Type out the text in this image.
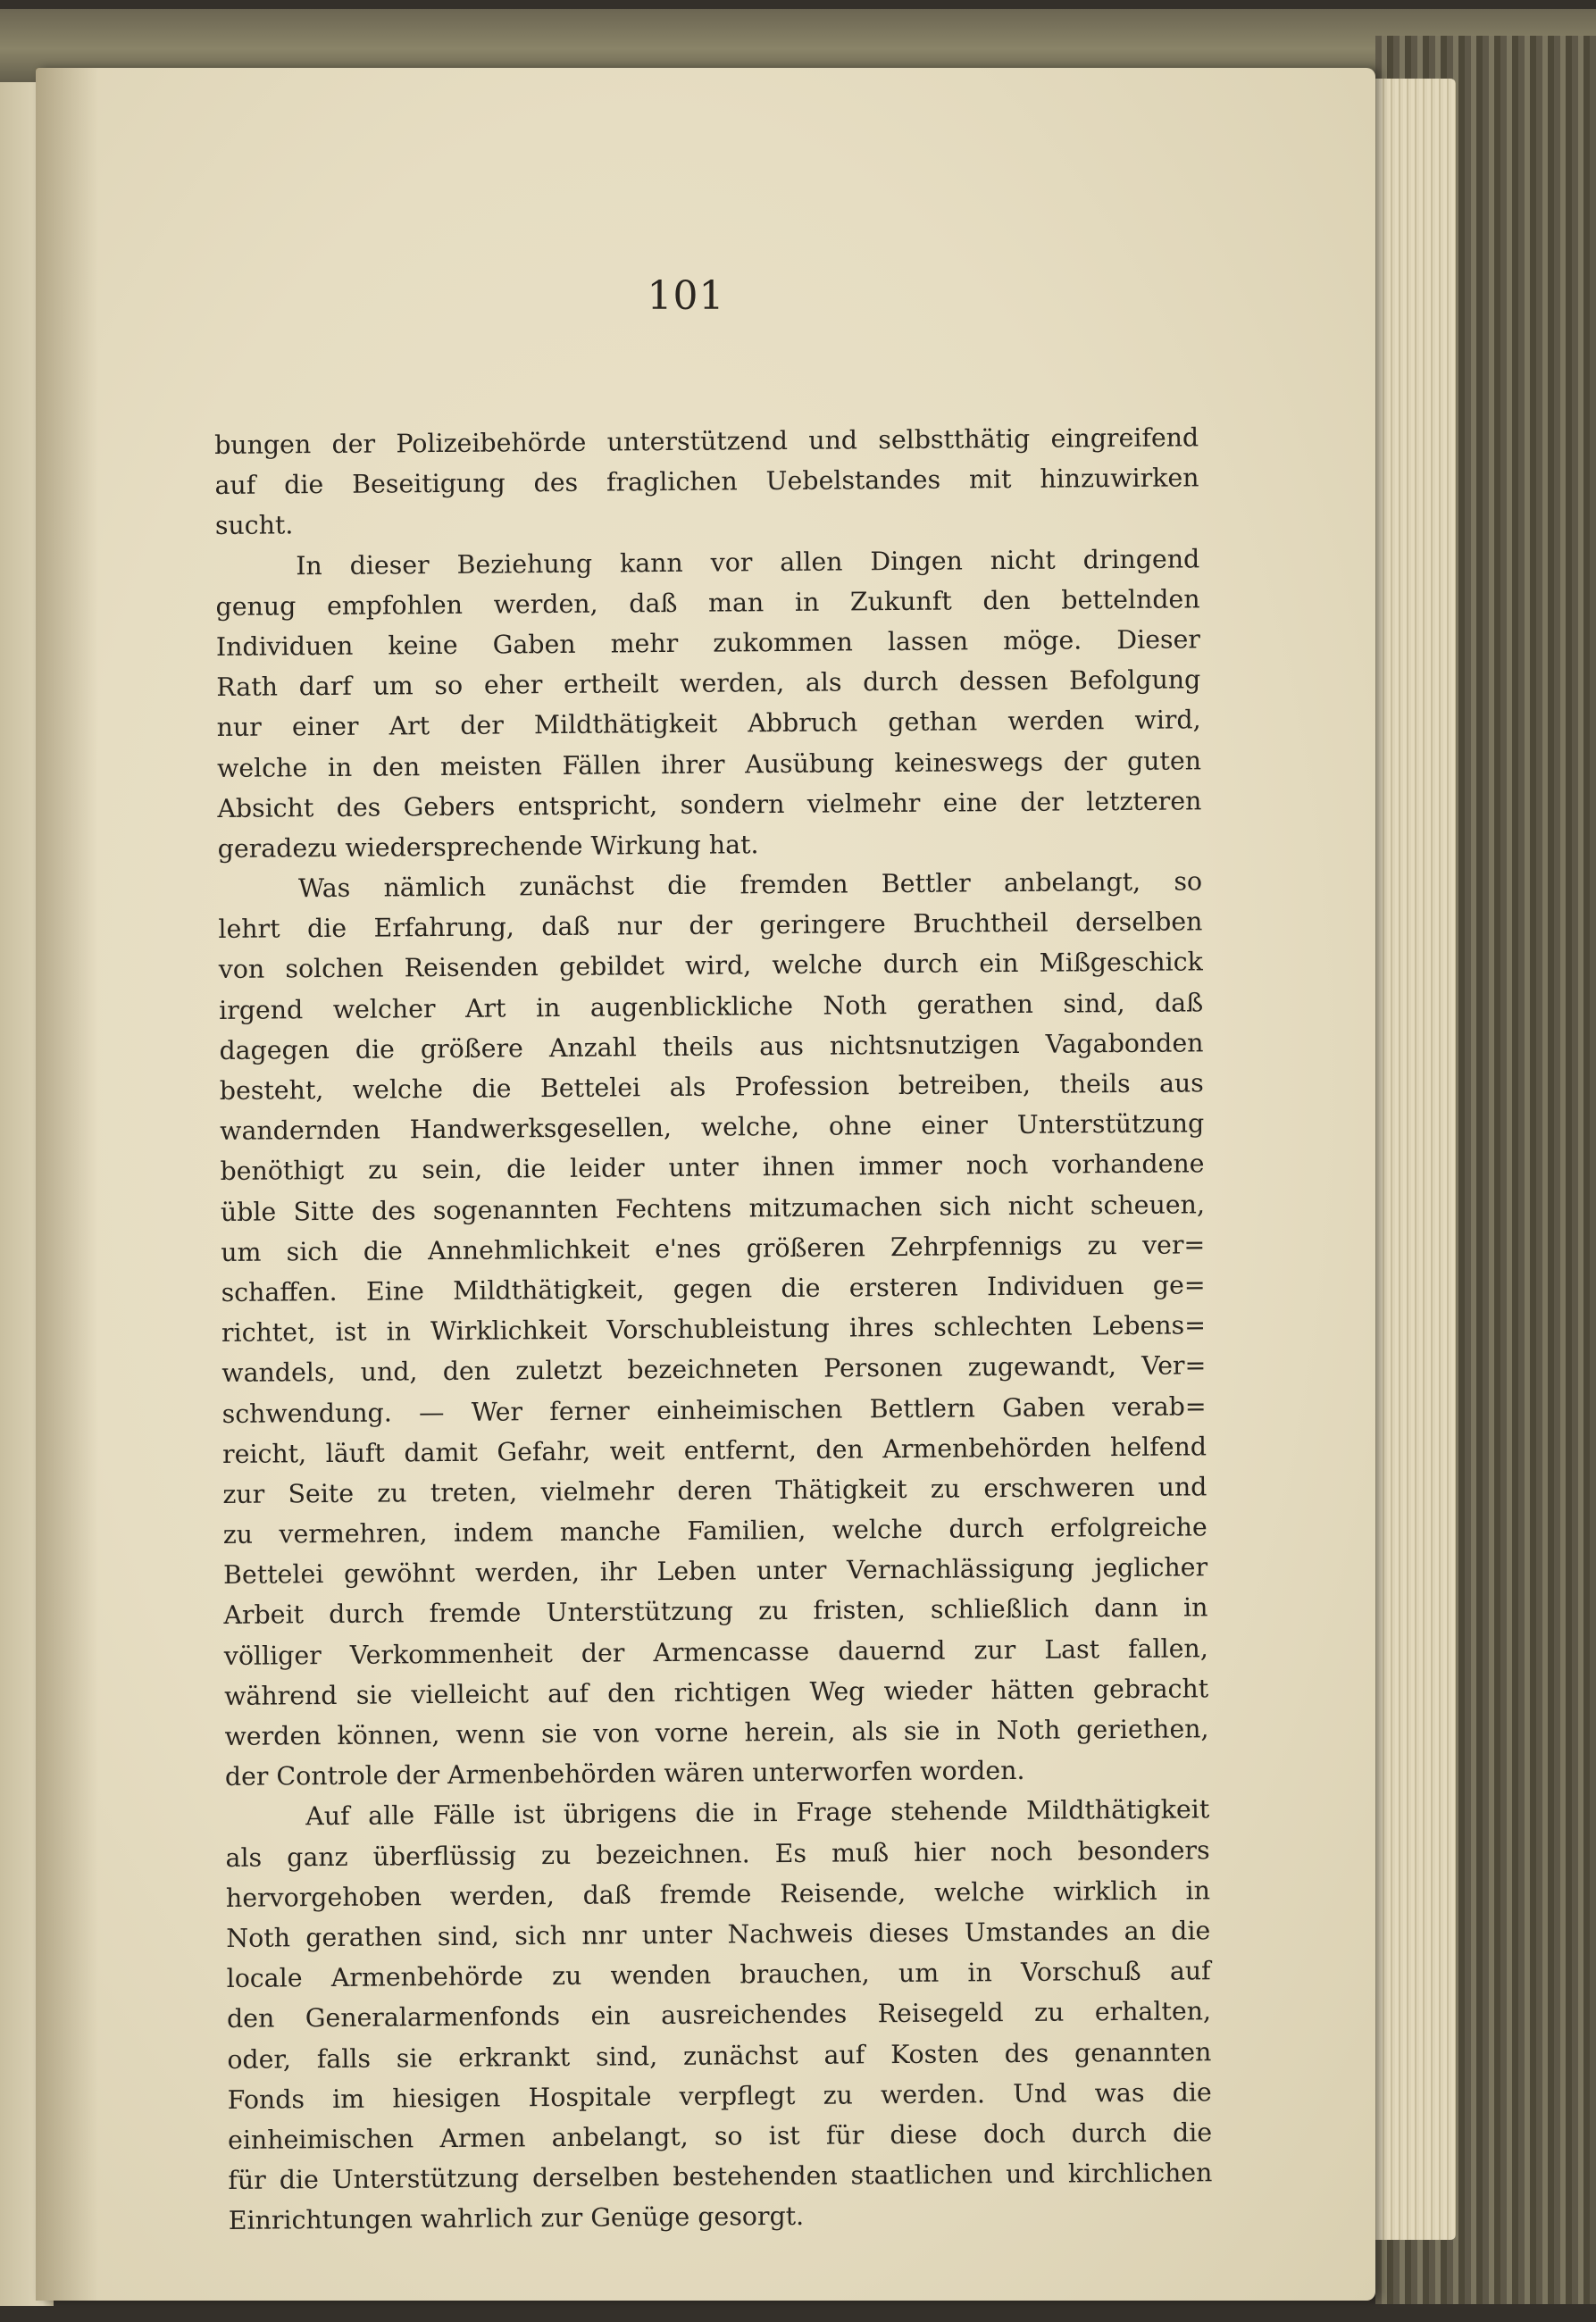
101
bungen der Polizeibehörde unterstützend und selbstthätig eingreifend
auf die Beseitigung des fraglichen Uebelstandes mit hinzuwirken
sucht.
In dieser Beziehung kann vor allen Dingen nicht dringend
genug empfohlen werden, daß man in Zukunft den bettelnden
Individuen keine Gaben mehr zukommen lassen möge. Dieser
Rath darf um so eher ertheilt werden, als durch dessen Befolgung
nur einer Art der Mildthätigkeit Abbruch gethan werden wird,
welche in den meisten Fällen ihrer Ausübung keineswegs der guten
Absicht des Gebers entspricht, sondern vielmehr eine der letzteren
geradezu wiedersprechende Wirkung hat.
Was nämlich zunächst die fremden Bettler anbelangt, so
lehrt die Erfahrung, daß nur der geringere Bruchtheil derselben
von solchen Reisenden gebildet wird, welche durch ein Mißgeschick
irgend welcher Art in augenblickliche Noth gerathen sind, daß
dagegen die größere Anzahl theils aus nichtsnutzigen Vagabonden
besteht, welche die Bettelei als Profession betreiben, theils aus
wandernden Handwerksgesellen, welche, ohne einer Unterstützung
benöthigt zu sein, die leider unter ihnen immer noch vorhandene
üble Sitte des sogenannten Fechtens mitzumachen sich nicht scheuen,
um sich die Annehmlichkeit e'nes größeren Zehrpfennigs zu ver=
schaffen. Eine Mildthätigkeit, gegen die ersteren Individuen ge=
richtet, ist in Wirklichkeit Vorschubleistung ihres schlechten Lebens=
wandels, und, den zuletzt bezeichneten Personen zugewandt, Ver=
schwendung. — Wer ferner einheimischen Bettlern Gaben verab=
reicht, läuft damit Gefahr, weit entfernt, den Armenbehörden helfend
zur Seite zu treten, vielmehr deren Thätigkeit zu erschweren und
zu vermehren, indem manche Familien, welche durch erfolgreiche
Bettelei gewöhnt werden, ihr Leben unter Vernachlässigung jeglicher
Arbeit durch fremde Unterstützung zu fristen, schließlich dann in
völliger Verkommenheit der Armencasse dauernd zur Last fallen,
während sie vielleicht auf den richtigen Weg wieder hätten gebracht
werden können, wenn sie von vorne herein, als sie in Noth geriethen,
der Controle der Armenbehörden wären unterworfen worden.
Auf alle Fälle ist übrigens die in Frage stehende Mildthätigkeit
als ganz überflüssig zu bezeichnen. Es muß hier noch besonders
hervorgehoben werden, daß fremde Reisende, welche wirklich in
Noth gerathen sind, sich nnr unter Nachweis dieses Umstandes an die
locale Armenbehörde zu wenden brauchen, um in Vorschuß auf
den Generalarmenfonds ein ausreichendes Reisegeld zu erhalten,
oder, falls sie erkrankt sind, zunächst auf Kosten des genannten
Fonds im hiesigen Hospitale verpflegt zu werden. Und was die
einheimischen Armen anbelangt, so ist für diese doch durch die
für die Unterstützung derselben bestehenden staatlichen und kirchlichen
Einrichtungen wahrlich zur Genüge gesorgt.
